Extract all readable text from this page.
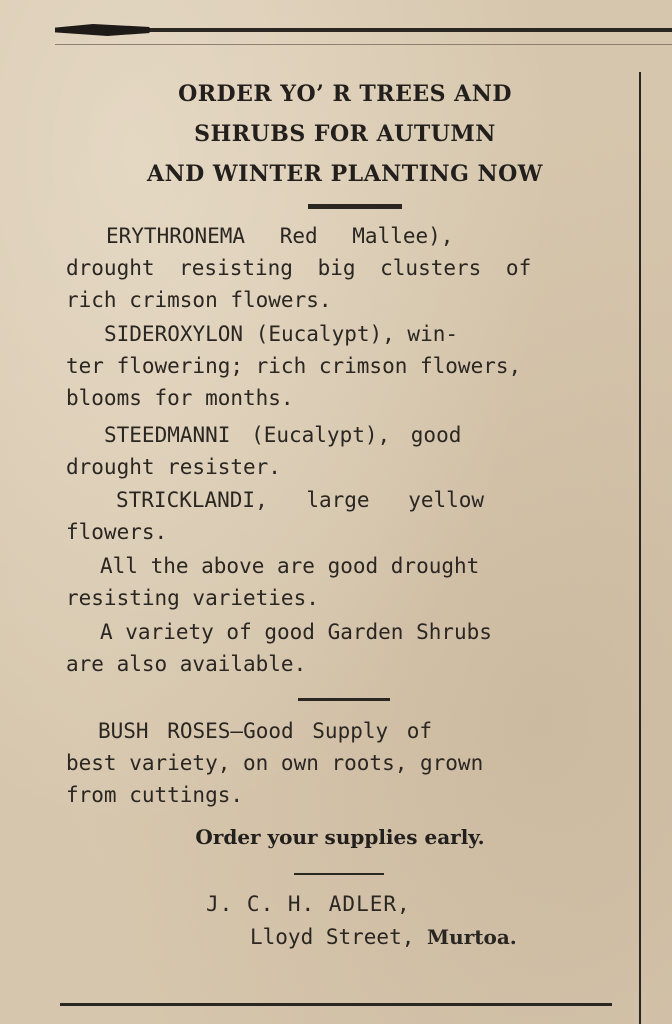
ORDER YO’ R TREES AND
SHRUBS FOR AUTUMN
AND WINTER PLANTING NOW
ERYTHRONEMA Red Mallee),
drought resisting big clusters of
rich crimson flowers.
SIDEROXYLON (Eucalypt), win-
ter flowering; rich crimson flowers,
blooms for months.
STEEDMANNI (Eucalypt), good
drought resister.
STRICKLANDI, large yellow
flowers.
All the above are good drought
resisting varieties.
A variety of good Garden Shrubs
are also available.
BUSH ROSES—Good Supply of
best variety, on own roots, grown
from cuttings.
Order your supplies early.
J. C. H. ADLER,
Lloyd Street, Murtoa.
